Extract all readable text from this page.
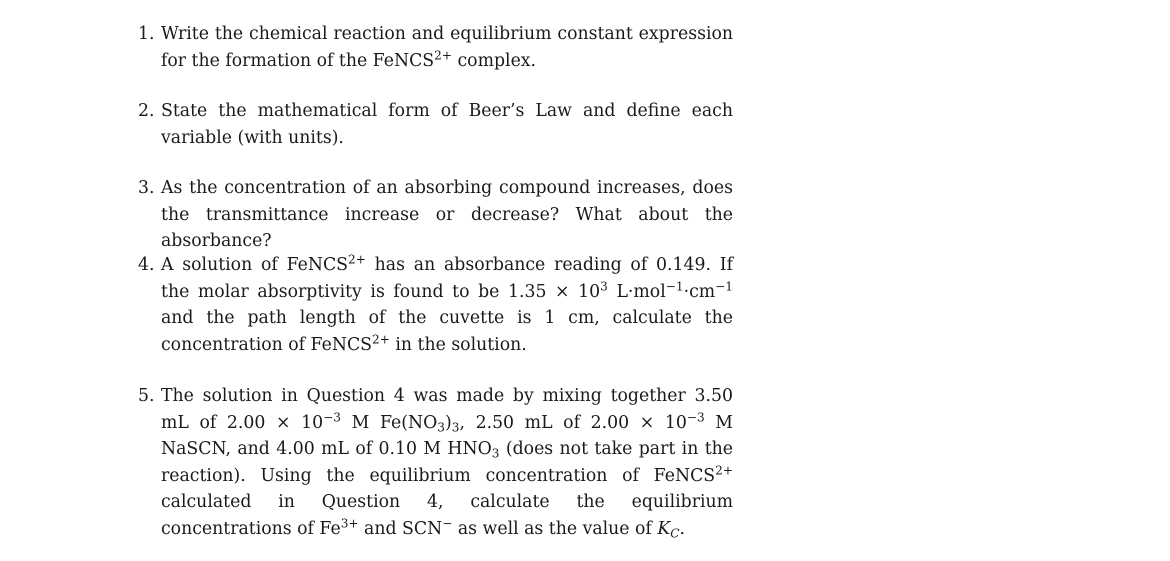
1. Write the chemical reaction and equilibrium constant expression for the formation of the FeNCS$^{2+}$ complex.
2. State the mathematical form of Beer’s Law and define each variable (with units).
3. As the concentration of an absorbing compound increases, does the transmittance increase or decrease? What about the absorbance?
4. A solution of FeNCS$^{2+}$ has an absorbance reading of 0.149. If the molar absorptivity is found to be $1.35 \times 10^3$ $L\cdot mol^{-1}\cdot cm^{-1}$ and the path length of the cuvette is 1 cm, calculate the concentration of FeNCS$^{2+}$ in the solution.
5. The solution in Question 4 was made by mixing together 3.50 mL of $2.00 \times 10^{-3}$ M $Fe(NO_3)_3$, 2.50 mL of $2.00 \times 10^{-3}$ M NaSCN, and 4.00 mL of 0.10 M $HNO_3$ (does not take part in the reaction). Using the equilibrium concentration of FeNCS$^{2+}$ calculated in Question 4, calculate the equilibrium concentrations of $Fe^{3+}$ and SCN− as well as the value of $K_C$.
